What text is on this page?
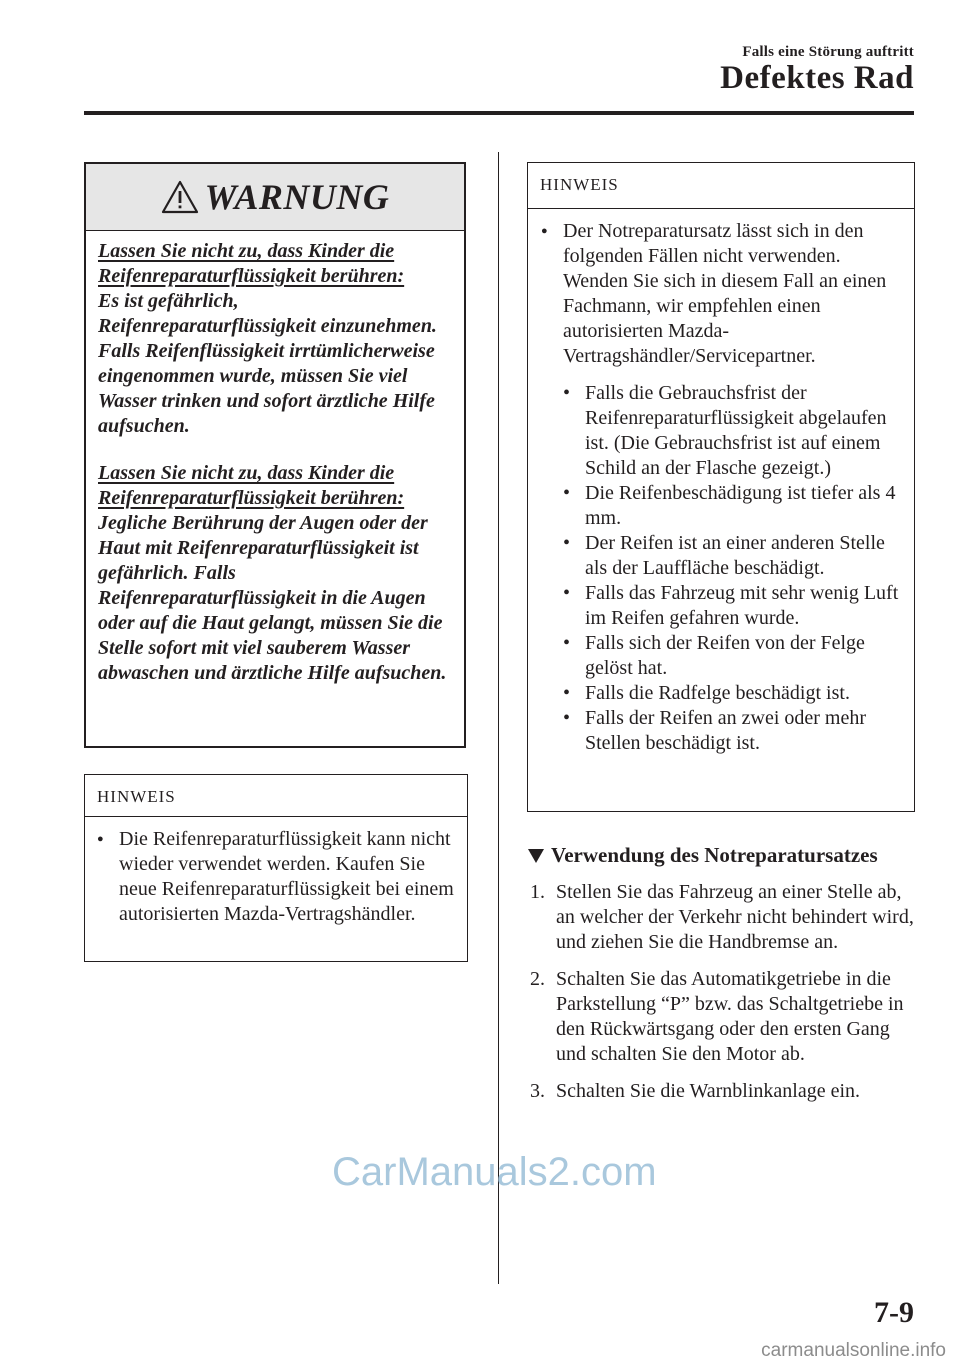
Falls eine Störung auftritt
Defektes Rad
WARNUNG

Lassen Sie nicht zu, dass Kinder die Reifenreparaturflüssigkeit berühren:
Es ist gefährlich, Reifenreparaturflüssigkeit einzunehmen. Falls Reifenflüssigkeit irrtümlicherweise eingenommen wurde, müssen Sie viel Wasser trinken und sofort ärztliche Hilfe aufsuchen.

Lassen Sie nicht zu, dass Kinder die Reifenreparaturflüssigkeit berühren:
Jegliche Berührung der Augen oder der Haut mit Reifenreparaturflüssigkeit ist gefährlich. Falls Reifenreparaturflüssigkeit in die Augen oder auf die Haut gelangt, müssen Sie die Stelle sofort mit viel sauberem Wasser abwaschen und ärztliche Hilfe aufsuchen.

HINWEIS
● Die Reifenreparaturflüssigkeit kann nicht wieder verwendet werden. Kaufen Sie neue Reifenreparaturflüssigkeit bei einem autorisierten Mazda-Vertragshändler.
HINWEIS
● Der Notreparatursatz lässt sich in den folgenden Fällen nicht verwenden. Wenden Sie sich in diesem Fall an einen Fachmann, wir empfehlen einen autorisierten Mazda-Vertragshändler/Servicepartner.
• Falls die Gebrauchsfrist der Reifenreparaturflüssigkeit abgelaufen ist. (Die Gebrauchsfrist ist auf einem Schild an der Flasche gezeigt.)
• Die Reifenbeschädigung ist tiefer als 4 mm.
• Der Reifen ist an einer anderen Stelle als der Lauffläche beschädigt.
• Falls das Fahrzeug mit sehr wenig Luft im Reifen gefahren wurde.
• Falls sich der Reifen von der Felge gelöst hat.
• Falls die Radfelge beschädigt ist.
• Falls der Reifen an zwei oder mehr Stellen beschädigt ist.
Verwendung des Notreparatursatzes
1. Stellen Sie das Fahrzeug an einer Stelle ab, an welcher der Verkehr nicht behindert wird, und ziehen Sie die Handbremse an.
2. Schalten Sie das Automatikgetriebe in die Parkstellung “P” bzw. das Schaltgetriebe in den Rückwärtsgang oder den ersten Gang und schalten Sie den Motor ab.
3. Schalten Sie die Warnblinkanlage ein.
CarManuals2.com
7-9
carmanualsonline.info
